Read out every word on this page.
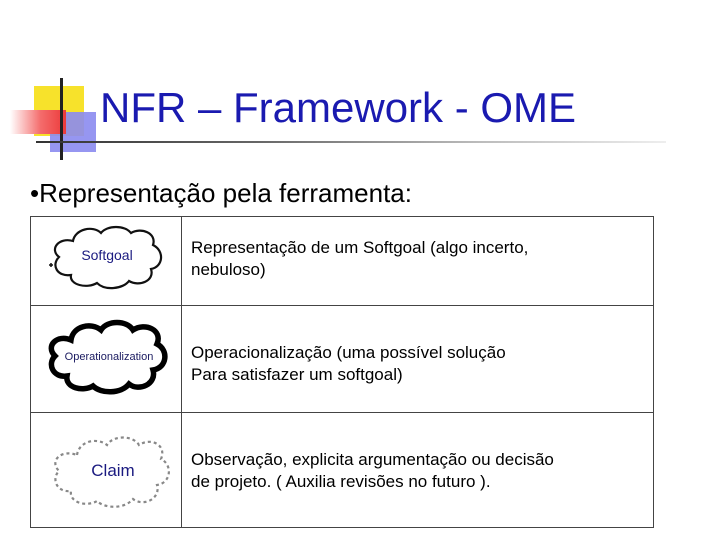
NFR – Framework - OME
•Representação pela ferramenta:
Softgoal	Representação de um Softgoal (algo incerto,
nebuloso)
Operationalization	Operacionalização (uma possível solução
Para satisfazer um softgoal)
Claim
Observação, explicita argumentação ou decisão
de projeto. ( Auxilia revisões no futuro ).
